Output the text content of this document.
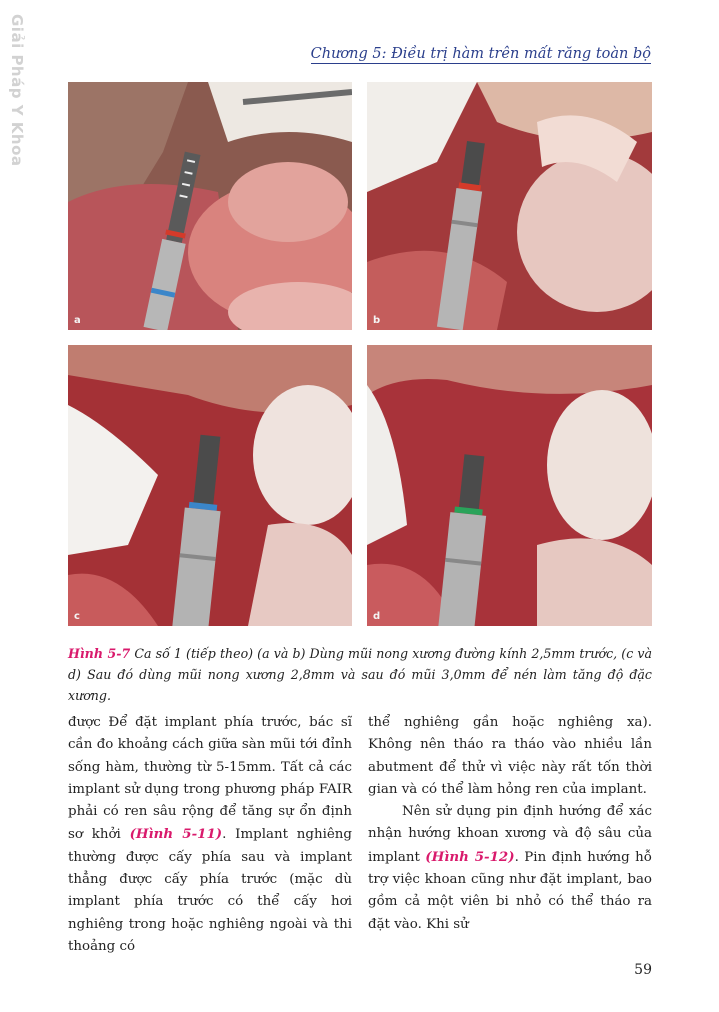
Giải Pháp Y Khoa	Chương 5: Điều trị hàm trên mất răng toàn bộ
a	b
c	d
Hình 5-7 Ca số 1 (tiếp theo) (a và b) Dùng mũi nong xương đường kính 2,5mm trước, (c và d) Sau đó dùng mũi nong xương 2,8mm và sau đó mũi 3,0mm để nén làm tăng độ đặc xương.

được Để đặt implant phía trước, bác sĩ cần đo khoảng cách giữa sàn mũi tới đỉnh sống hàm, thường từ 5-15mm. Tất cả các implant sử dụng trong phương pháp FAIR phải có ren sâu rộng để tăng sự ổn định sơ khởi (Hình 5-11). Implant nghiêng thường được cấy phía sau và implant thẳng được cấy phía trước (mặc dù implant phía trước có thể cấy hơi nghiêng trong hoặc nghiêng ngoài và thi thoảng có

thể nghiêng gần hoặc nghiêng xa). Không nên tháo ra tháo vào nhiều lần abutment để thử vì việc này rất tốn thời gian và có thể làm hỏng ren của implant.

Nên sử dụng pin định hướng để xác nhận hướng khoan xương và độ sâu của implant (Hình 5-12). Pin định hướng hỗ trợ việc khoan cũng như đặt implant, bao gồm cả một viên bi nhỏ có thể tháo ra đặt vào. Khi sử

59
